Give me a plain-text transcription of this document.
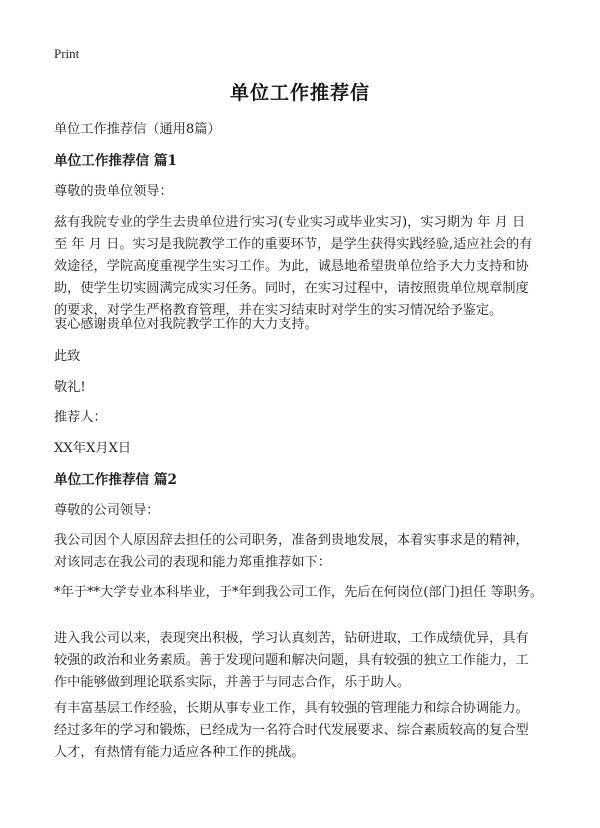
Print
单位工作推荐信
单位工作推荐信（通用8篇）
单位工作推荐信 篇1
尊敬的贵单位领导：
兹有我院专业的学生去贵单位进行实习(专业实习或毕业实习)，实习期为 年 月 日
至 年 月 日。实习是我院教学工作的重要环节，是学生获得实践经验,适应社会的有
效途径，学院高度重视学生实习工作。为此，诚恳地希望贵单位给予大力支持和协
助，使学生切实圆满完成实习任务。同时，在实习过程中，请按照贵单位规章制度
的要求，对学生严格教育管理，并在实习结束时对学生的实习情况给予鉴定。
衷心感谢贵单位对我院教学工作的大力支持。
此致
敬礼!
推荐人：
XX年X月X日
单位工作推荐信 篇2
尊敬的公司领导：
我公司因个人原因辞去担任的公司职务，准备到贵地发展，本着实事求是的精神，
对该同志在我公司的表现和能力郑重推荐如下：
*年于**大学专业本科毕业，于*年到我公司工作，先后在何岗位(部门)担任 等职务。
进入我公司以来，表现突出积极，学习认真刻苦，钻研进取，工作成绩优异，具有
较强的政治和业务素质。善于发现问题和解决问题，具有较强的独立工作能力，工
作中能够做到理论联系实际，并善于与同志合作，乐于助人。
有丰富基层工作经验，长期从事专业工作，具有较强的管理能力和综合协调能力。
经过多年的学习和锻炼，已经成为一名符合时代发展要求、综合素质较高的复合型
人才，有热情有能力适应各种工作的挑战。
